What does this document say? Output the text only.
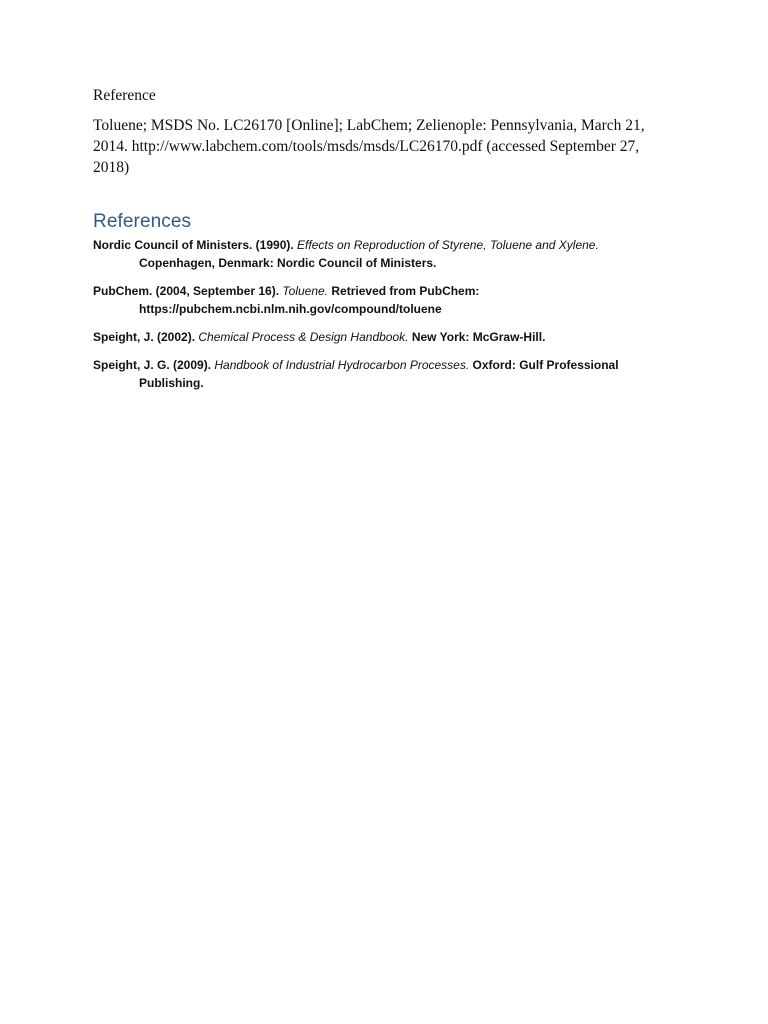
Reference
Toluene; MSDS No. LC26170 [Online]; LabChem; Zelienople: Pennsylvania, March 21, 2014. http://www.labchem.com/tools/msds/msds/LC26170.pdf (accessed September 27, 2018)
References

Nordic Council of Ministers. (1990). Effects on Reproduction of Styrene, Toluene and Xylene. Copenhagen, Denmark: Nordic Council of Ministers.

PubChem. (2004, September 16). Toluene. Retrieved from PubChem: https://pubchem.ncbi.nlm.nih.gov/compound/toluene

Speight, J. (2002). Chemical Process & Design Handbook. New York: McGraw-Hill.

Speight, J. G. (2009). Handbook of Industrial Hydrocarbon Processes. Oxford: Gulf Professional Publishing.
